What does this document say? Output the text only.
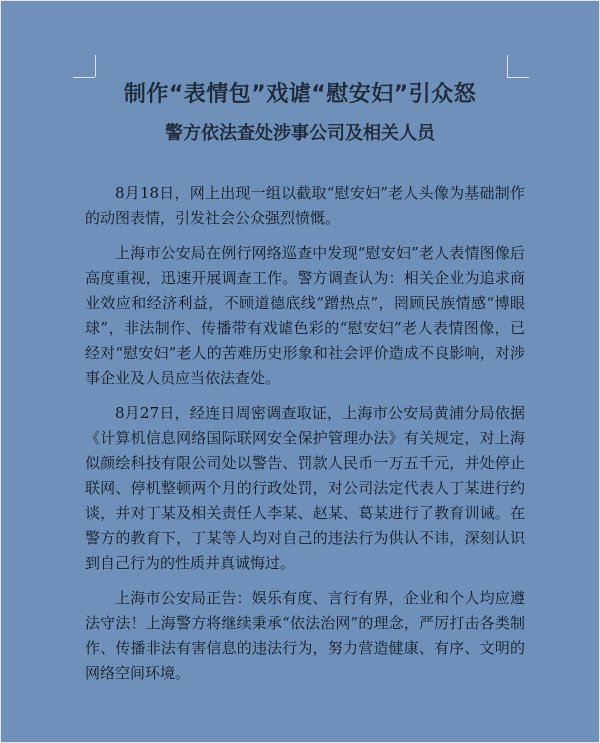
制作“表情包”戏谑“慰安妇”引众怒
警方依法查处涉事公司及相关人员

8月18日，网上出现一组以截取“慰安妇”老人头像为基础制作的动图表情，引发社会公众强烈愤慨。

上海市公安局在例行网络巡查中发现“慰安妇”老人表情图像后高度重视，迅速开展调查工作。警方调查认为：相关企业为追求商业效应和经济利益，不顾道德底线“蹭热点”，罔顾民族情感“博眼球”，非法制作、传播带有戏谑色彩的“慰安妇”老人表情图像，已经对“慰安妇”老人的苦难历史形象和社会评价造成不良影响，对涉事企业及人员应当依法查处。

8月27日，经连日周密调查取证，上海市公安局黄浦分局依据《计算机信息网络国际联网安全保护管理办法》有关规定，对上海似颜绘科技有限公司处以警告、罚款人民币一万五千元，并处停止联网、停机整顿两个月的行政处罚，对公司法定代表人丁某进行约谈，并对丁某及相关责任人李某、赵某、葛某进行了教育训诫。在警方的教育下，丁某等人均对自己的违法行为供认不讳，深刻认识到自己行为的性质并真诚悔过。

上海市公安局正告：娱乐有度、言行有界，企业和个人均应遵法守法！上海警方将继续秉承“依法治网”的理念，严厉打击各类制作、传播非法有害信息的违法行为，努力营造健康、有序、文明的网络空间环境。
